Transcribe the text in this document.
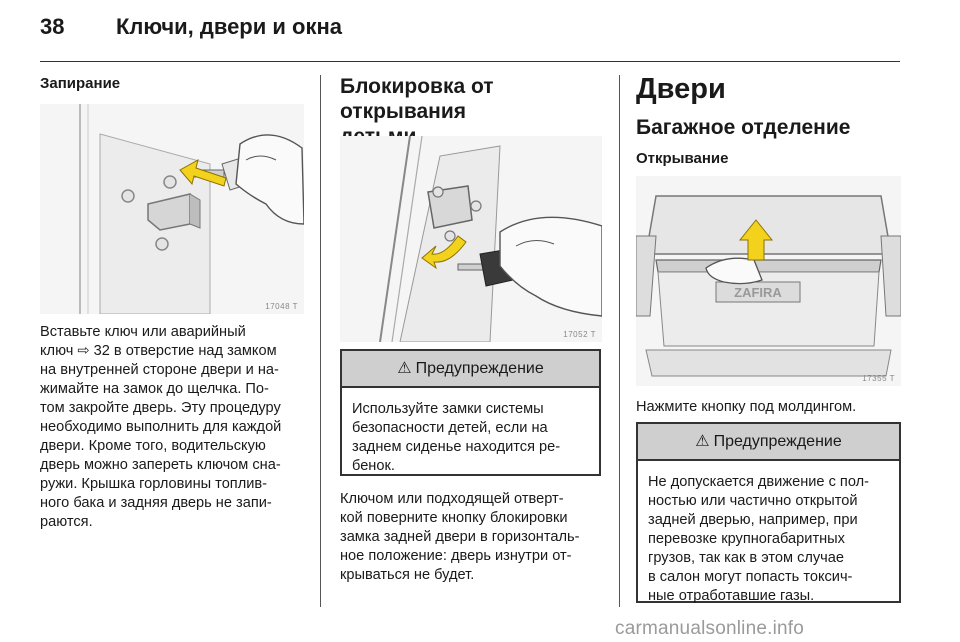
38 Ключи, двери и окна
Запирание
17048 T
Вставьте ключ или аварийный
ключ ⇨ 32 в отверстие над замком
на внутренней стороне двери и на-
жимайте на замок до щелчка. По-
том закройте дверь. Эту процедуру
необходимо выполнить для каждой
двери. Кроме того, водительскую
дверь можно запереть ключом сна-
ружи. Крышка горловины топлив-
ного бака и задняя дверь не запи-
раются.
Блокировка от открывания
17052 T
⚠ Предупреждение
Используйте замки системы
безопасности детей, если на
заднем сиденье находится ре-
бенок.
Ключом или подходящей отверт-
кой поверните кнопку блокировки
замка задней двери в горизонталь-
ное положение: дверь изнутри от-
крываться не будет.
Двери
Багажное отделение
Открывание
ZAFIRA
17355 T
Нажмите кнопку под молдингом.
⚠ Предупреждение
Не допускается движение с пол-
ностью или частично открытой
задней дверью, например, при
перевозке крупногабаритных
грузов, так как в этом случае
в салон могут попасть токсич-
ные отработавшие газы.
carmanualsonline.info
